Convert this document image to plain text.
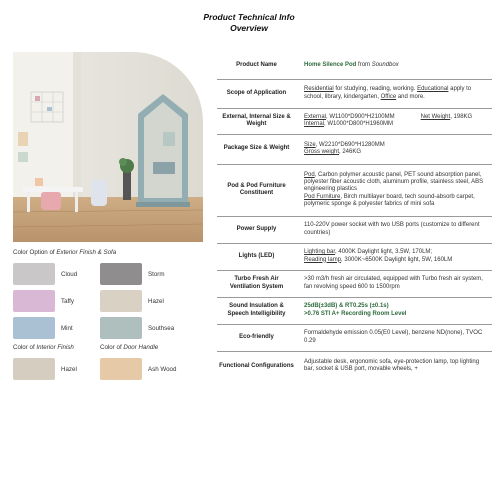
Product Technical Info
Overview
Color Option of Exterior Finish & Sofa
Cloud	Storm
Taffy	Hazel
Mint	Southsea
Color of Interior Finish	Color of Door Handle
Hazel	Ash Wood
Product Name	Home Silence Pod from Soundbox
Scope of Application	Residential for studying, reading, working. Educational apply to school, library, kindergarten, Office and more.
External, Internal Size & Weight	External, W1100*D900*H2100MM Net Weight, 198KG
Internal, W1000*D800*H1960MM
Package Size & Weight	Size, W2210*D690*H1280MM
Gross weight, 246KG
Pod & Pod Furniture Constituent	Pod, Carbon polymer acoustic panel, PET sound absorption panel, polyester fiber acoustic cloth, aluminum profile, stainless steel, ABS engineering plastics
Pod Furniture, Birch multilayer board, tech sound-absorb carpet, polymeric sponge & polyester fabrics of mini sofa
Power Supply	110-220V power socket with two USB ports (customize to different countries)
Lights (LED)	Lighting bar, 4000K Daylight light, 3.5W, 170LM;
Reading lamp, 3000K~6500K Daylight light, 5W, 160LM
Turbo Fresh Air Ventilation System	>30 m3/h fresh air circulated, equipped with Turbo fresh air system, fan revolving speed 600 to 1500rpm
Sound Insulation & Speech Intelligibility	25dB(±3dB) & RT0.25s (±0.1s)
>0.76 STI A+ Recording Room Level
Eco-friendly	Formaldehyde emission 0.05(E0 Level), benzene ND(none), TVOC 0.29
Functional Configurations	Adjustable desk, ergonomic sofa, eye-protection lamp, top lighting bar, socket & USB port, movable wheels, +
